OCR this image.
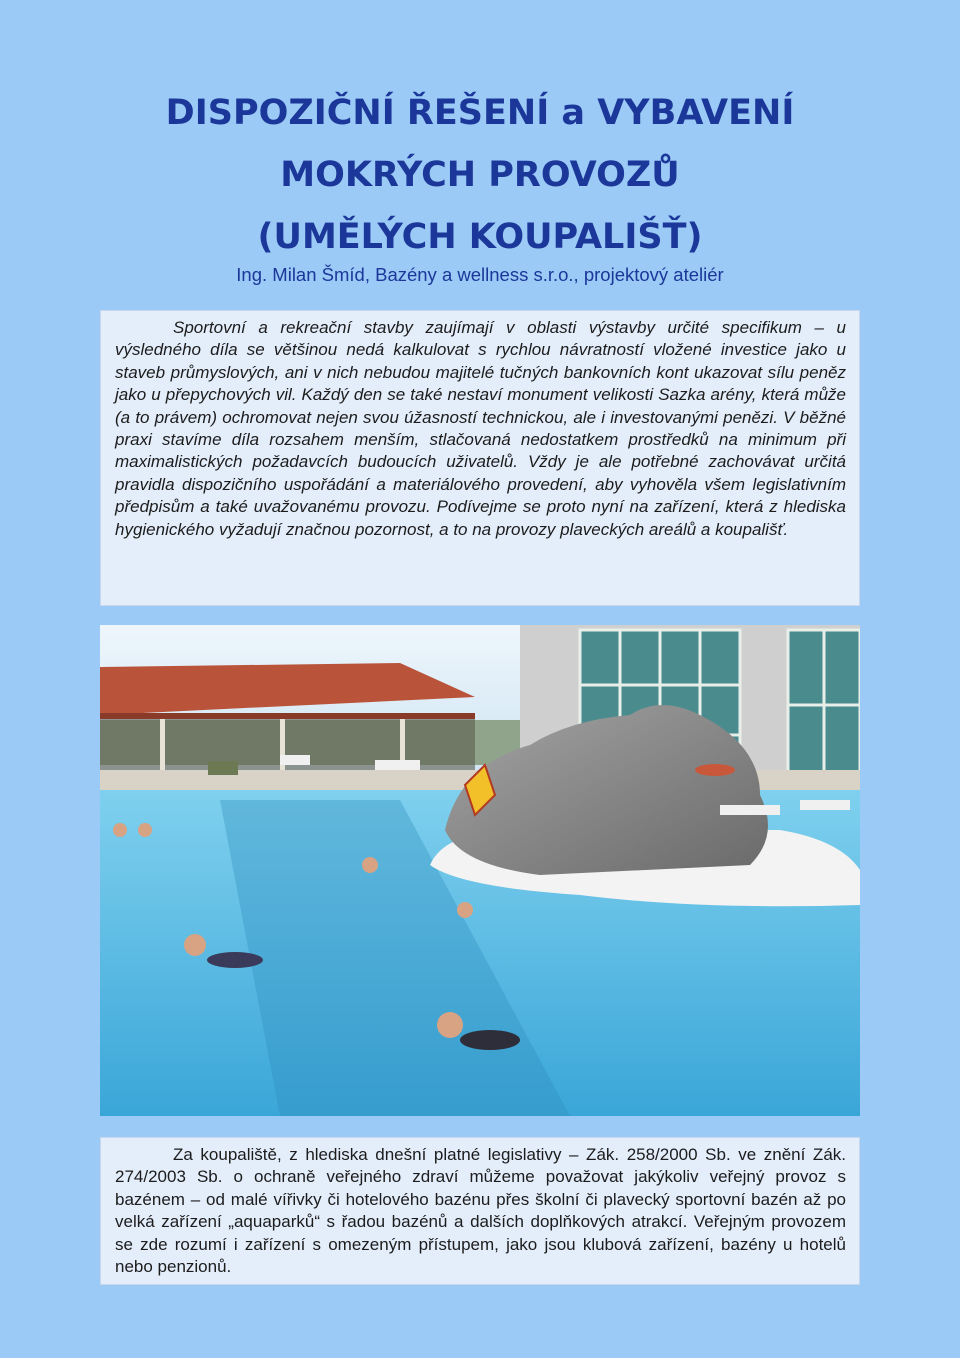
DISPOZIČNÍ ŘEŠENÍ a VYBAVENÍ
MOKRÝCH PROVOZŮ
(UMĚLÝCH KOUPALIŠŤ)

Ing. Milan Šmíd, Bazény a wellness s.r.o., projektový ateliér

Sportovní a rekreační stavby zaujímají v oblasti výstavby určité specifikum – u výsledného díla se většinou nedá kalkulovat s rychlou návratností vložené investice jako u staveb průmyslových, ani v nich nebudou majitelé tučných bankovních kont ukazovat sílu peněz jako u přepychových vil. Každý den se také nestaví monument velikosti Sazka arény, která může (a to právem) ochromovat nejen svou úžasností technickou, ale i investovanými penězi. V běžné praxi stavíme díla rozsahem menším, stlačovaná nedostatkem prostředků na minimum při maximalistických požadavcích budoucích uživatelů. Vždy je ale potřebné zachovávat určitá pravidla dispozičního uspořádání a materiálového provedení, aby vyhověla všem legislativním předpisům a také uvažovanému provozu. Podívejme se proto nyní na zařízení, která z hlediska hygienického vyžadují značnou pozornost, a to na provozy plaveckých areálů a koupališť.

Za koupaliště, z hlediska dnešní platné legislativy – Zák. 258/2000 Sb. ve znění Zák. 274/2003 Sb. o ochraně veřejného zdraví můžeme považovat jakýkoliv veřejný provoz s bazénem – od malé vířivky či hotelového bazénu přes školní či plavecký sportovní bazén až po velká zařízení „aquaparků“ s řadou bazénů a dalších doplňkových atrakcí. Veřejným provozem se zde rozumí i zařízení s omezeným přístupem, jako jsou klubová zařízení, bazény u hotelů nebo penzionů.
